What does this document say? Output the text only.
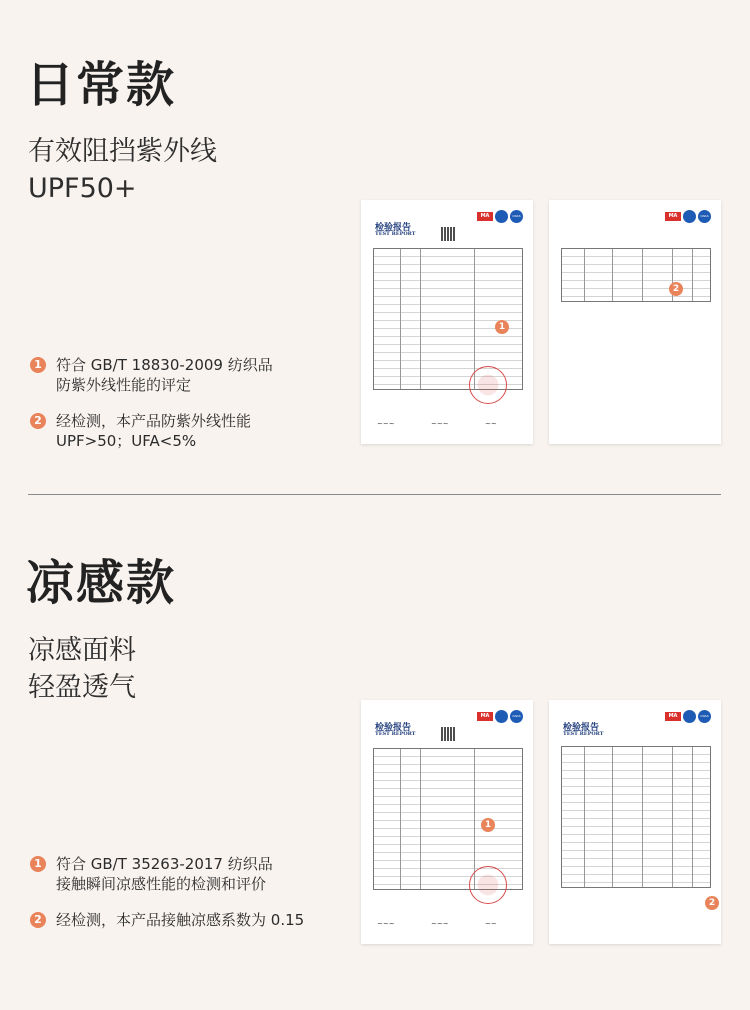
日常款
有效阻挡紫外线
UPF50+
1 符合 GB/T 18830-2009 纺织品
防紫外线性能的评定
2 经检测，本产品防紫外线性能
UPF>50；UFA<5%
MA	CNAS
检验报告
TEST REPORT
~~~	~~~	~~
1
MA	CNAS
2
凉感款
凉感面料
轻盈透气
1 符合 GB/T 35263-2017 纺织品
接触瞬间凉感性能的检测和评价
2 经检测，本产品接触凉感系数为 0.15
MA	CNAS
检验报告
TEST REPORT
~~~	~~~	~~
1
MA	CNAS
检验报告
TEST REPORT
2
